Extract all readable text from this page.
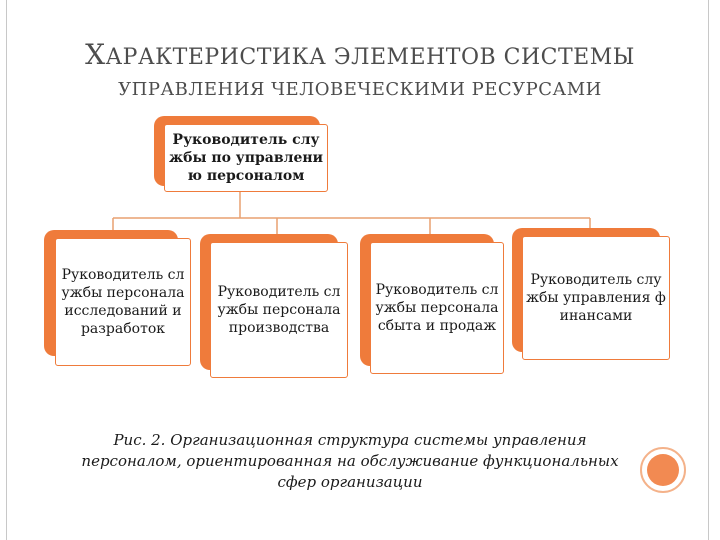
ХАРАКТЕРИСТИКА ЭЛЕМЕНТОВ СИСТЕМЫ
УПРАВЛЕНИЯ ЧЕЛОВЕЧЕСКИМИ РЕСУРСАМИ
Руководитель службы по управлению персоналом
Руководитель службы персонала исследований и разработок
Руководитель службы персонала производства
Руководитель службы персонала сбыта и продаж
Руководитель службы управления финансами
Рис. 2. Организационная структура системы управления персоналом, ориентированная на обслуживание функциональных сфер организации
